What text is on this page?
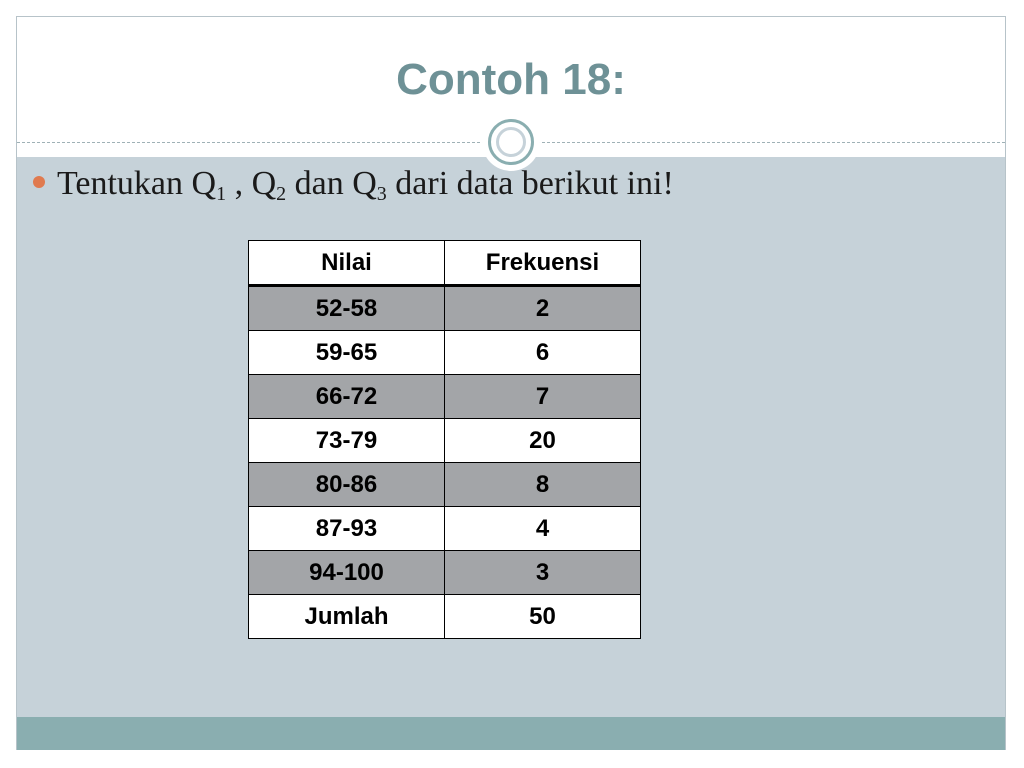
Contoh 18:
Tentukan $Q_1$ , $Q_2$ dan $Q_3$ dari data berikut ini!
Nilai	Frekuensi
52-58	2
59-65	6
66-72	7
73-79	20
80-86	8
87-93	4
94-100	3
Jumlah	50
